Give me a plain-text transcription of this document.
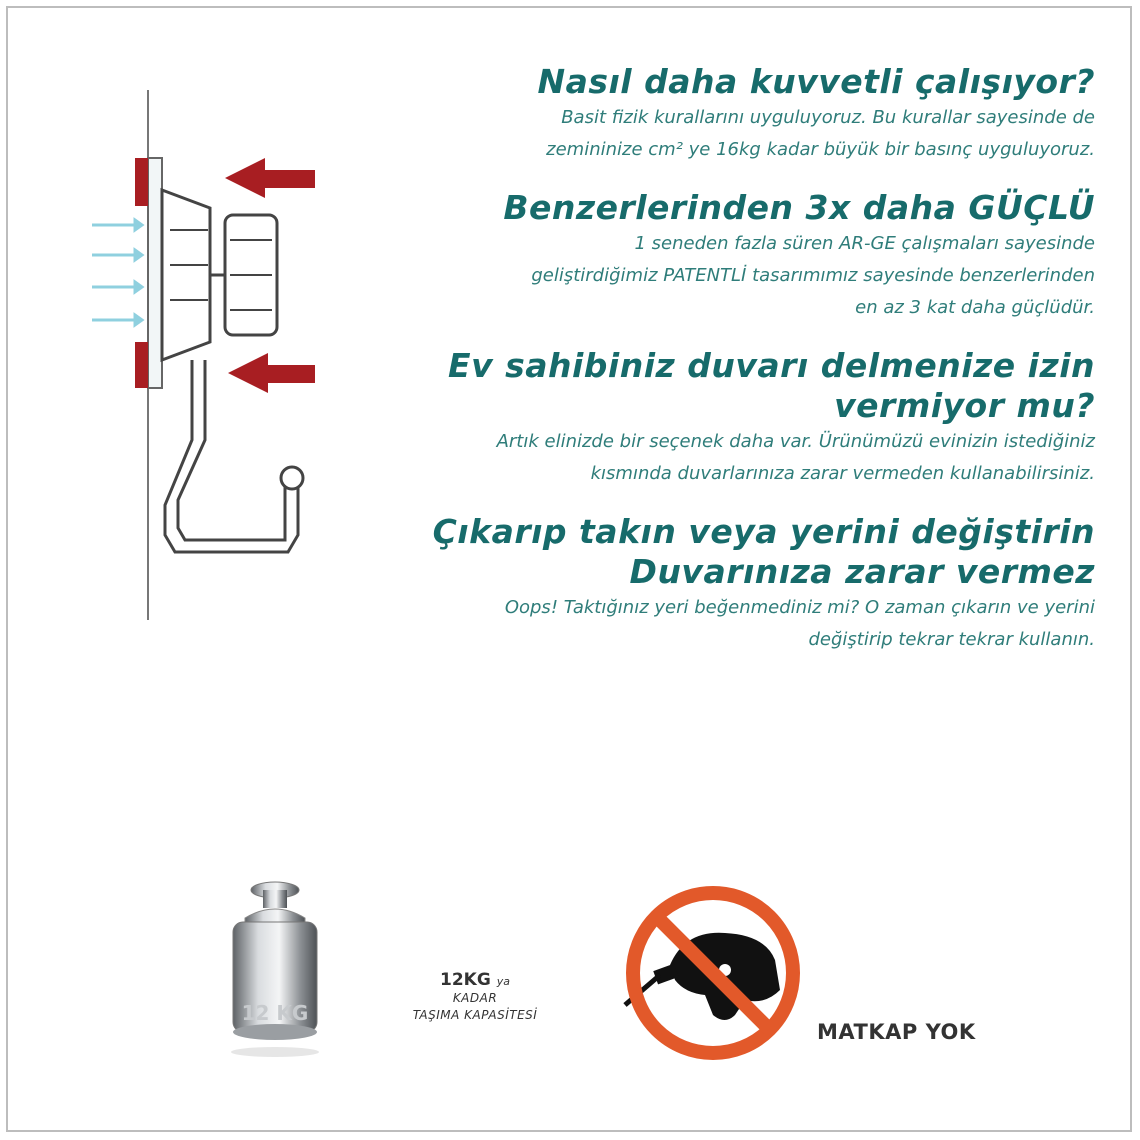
Nasıl daha kuvvetli çalışıyor?
Basit fizik kurallarını uyguluyoruz. Bu kurallar sayesinde de
zemininize cm² ye 16kg kadar büyük bir basınç uyguluyoruz.
Benzerlerinden 3x daha GÜÇLÜ
1 seneden fazla süren AR-GE çalışmaları sayesinde
geliştirdiğimiz PATENTLİ tasarımımız sayesinde benzerlerinden
en az 3 kat daha güçlüdür.
Ev sahibiniz duvarı delmenize izin
vermiyor mu?
Artık elinizde bir seçenek daha var. Ürünümüzü evinizin istediğiniz
kısmında duvarlarınıza zarar vermeden kullanabilirsiniz.
Çıkarıp takın veya yerini değiştirin
Duvarınıza zarar vermez
Oops! Taktığınız yeri beğenmediniz mi? O zaman çıkarın ve yerini
değiştirip tekrar tekrar kullanın.
12 KG
12KG ya
KADAR
TAŞIMA KAPASİTESİ
MATKAP YOK
